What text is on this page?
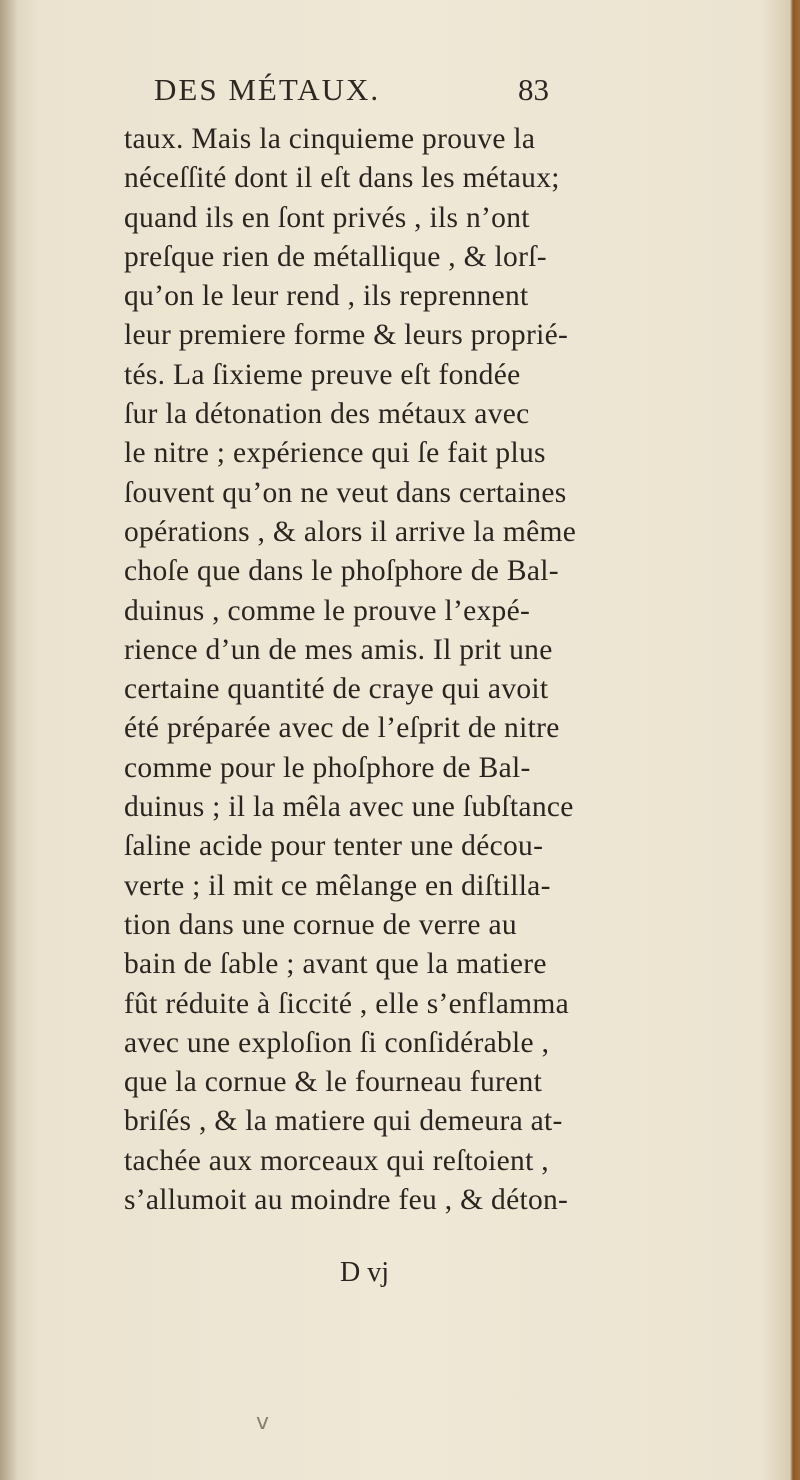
DES MÉTAUX.	83
taux. Mais la cinquieme prouve la
néceſſité dont il eſt dans les métaux;
quand ils en ſont privés , ils n’ont
preſque rien de métallique , & lorſ-
qu’on le leur rend , ils reprennent
leur premiere forme & leurs proprié-
tés. La ſixieme preuve eſt fondée
ſur la détonation des métaux avec
le nitre ; expérience qui ſe fait plus
ſouvent qu’on ne veut dans certaines
opérations , & alors il arrive la même
choſe que dans le phoſphore de Bal-
duinus , comme le prouve l’expé-
rience d’un de mes amis. Il prit une
certaine quantité de craye qui avoit
été préparée avec de l’eſprit de nitre
comme pour le phoſphore de Bal-
duinus ; il la mêla avec une ſubſtance
ſaline acide pour tenter une décou-
verte ; il mit ce mêlange en diſtilla-
tion dans une cornue de verre au
bain de ſable ; avant que la matiere
fût réduite à ſiccité , elle s’enflamma
avec une exploſion ſi conſidérable ,
que la cornue & le fourneau furent
briſés , & la matiere qui demeura at-
tachée aux morceaux qui reſtoient ,
s’allumoit au moindre feu , & déton-
D vj
v
